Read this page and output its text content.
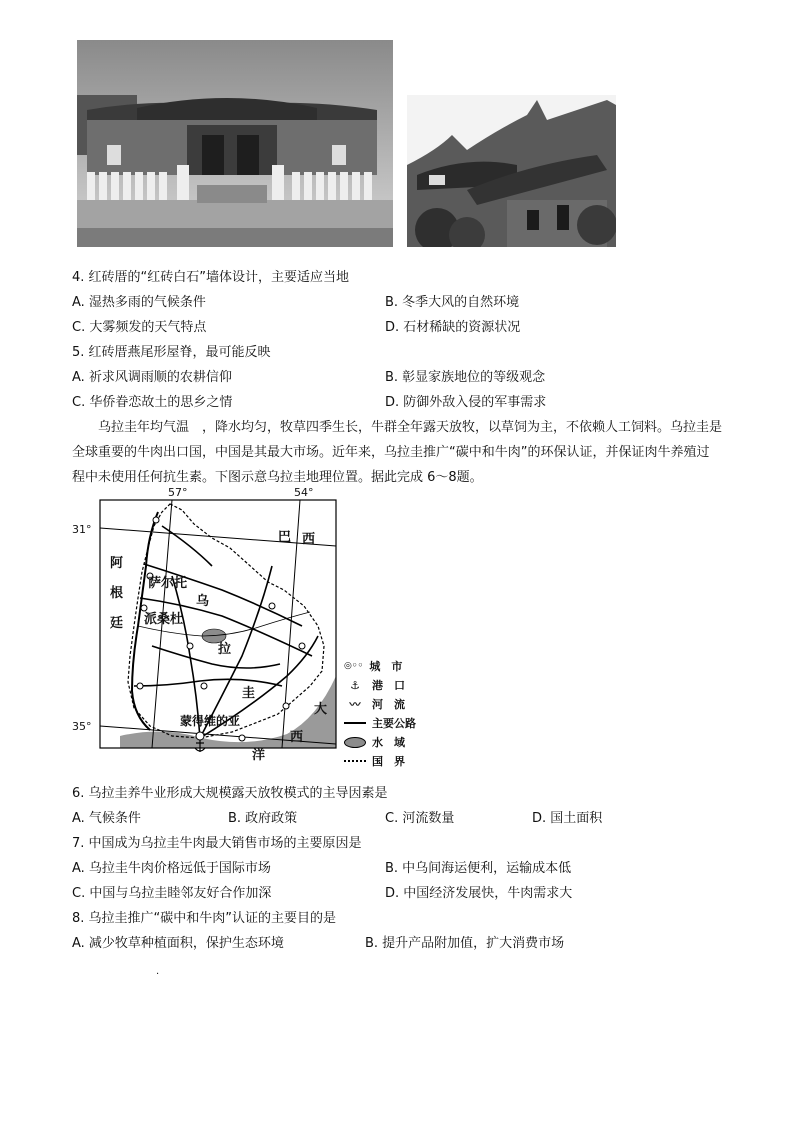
4. 红砖厝的“红砖白石”墙体设计，主要适应当地
A. 湿热多雨的气候条件	B. 冬季大风的自然环境
C. 大雾频发的天气特点	D. 石材稀缺的资源状况
5. 红砖厝燕尾形屋脊，最可能反映
A. 祈求风调雨顺的农耕信仰	B. 彰显家族地位的等级观念
C. 华侨眷恋故土的思乡之情	D. 防御外敌入侵的军事需求
乌拉圭年均气温　，降水均匀，牧草四季生长，牛群全年露天放牧，以草饲为主，不依赖人工饲料。乌拉圭是全球重要的牛肉出口国，中国是其最大市场。近年来，乌拉圭推广“碳中和牛肉”的环保认证，并保证肉牛养殖过程中未使用任何抗生素。下图示意乌拉圭地理位置。据此完成 6～8题。
57°	54°
31°
35°
巴 西
阿
根
廷
乌
拉
圭
萨尔托
派桑杜
蒙得维的亚
大
西
洋
◎◦◦ 城　市
⚓	港　口
〰	河　流
主要公路
水　域
国　界
6. 乌拉圭养牛业形成大规模露天放牧模式的主导因素是
A. 气候条件	B. 政府政策	C. 河流数量	D. 国土面积
7. 中国成为乌拉圭牛肉最大销售市场的主要原因是
A. 乌拉圭牛肉价格远低于国际市场	B. 中乌间海运便利，运输成本低
C. 中国与乌拉圭睦邻友好合作加深	D. 中国经济发展快，牛肉需求大
8. 乌拉圭推广“碳中和牛肉”认证的主要目的是
A. 减少牧草种植面积，保护生态环境	B. 提升产品附加值，扩大消费市场
.
